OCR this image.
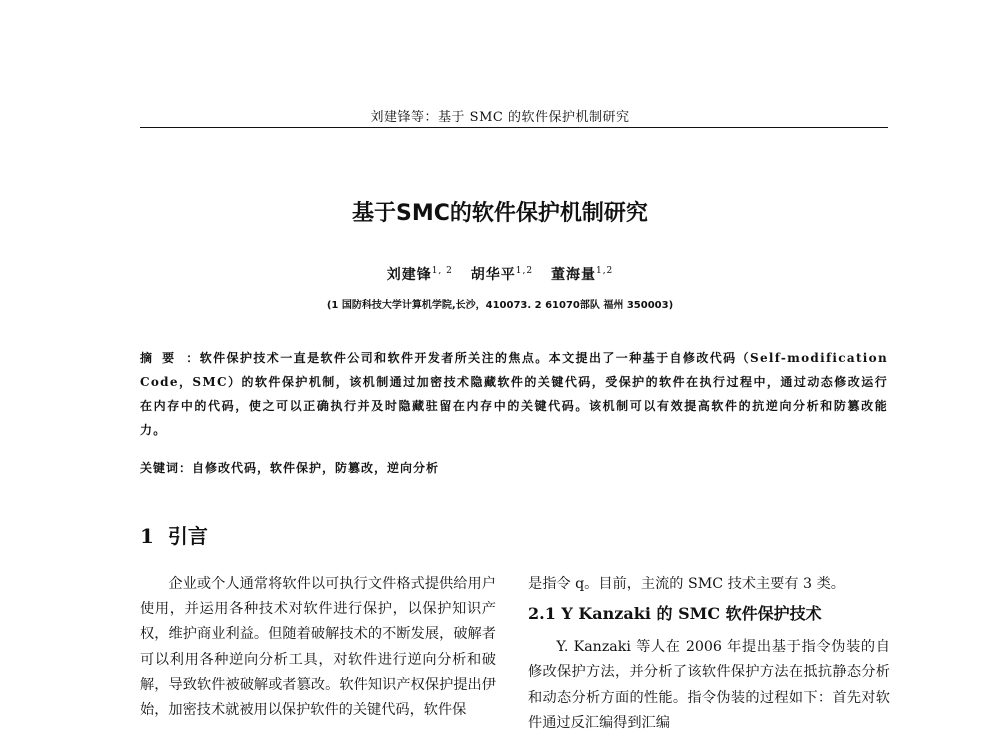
刘建锋等：基于 SMC 的软件保护机制研究
基于SMC的软件保护机制研究
刘建锋$^{1, 2}$ 胡华平$^{1,2}$ 董海量$^{1,2}$
(1 国防科技大学计算机学院,长沙，410073. 2 61070部队 福州 350003)
摘要 ：软件保护技术一直是软件公司和软件开发者所关注的焦点。本文提出了一种基于自修改代码（Self-modification Code，SMC）的软件保护机制，该机制通过加密技术隐藏软件的关键代码，受保护的软件在执行过程中，通过动态修改运行在内存中的代码，使之可以正确执行并及时隐藏驻留在内存中的关键代码。该机制可以有效提高软件的抗逆向分析和防篡改能力。
关键词：自修改代码，软件保护，防篡改，逆向分析
1 引言

企业或个人通常将软件以可执行文件格式提供给用户使用，并运用各种技术对软件进行保护，以保护知识产权，维护商业利益。但随着破解技术的不断发展，破解者可以利用各种逆向分析工具，对软件进行逆向分析和破解，导致软件被破解或者篡改。软件知识产权保护提出伊始，加密技术就被用以保护软件的关键代码，软件保

是指令 q。目前，主流的 SMC 技术主要有 3 类。

2.1 Y Kanzaki 的 SMC 软件保护技术

Y. Kanzaki 等人在 2006 年提出基于指令伪装的自修改保护方法，并分析了该软件保护方法在抵抗静态分析和动态分析方面的性能。指令伪装的过程如下：首先对软件通过反汇编得到汇编
